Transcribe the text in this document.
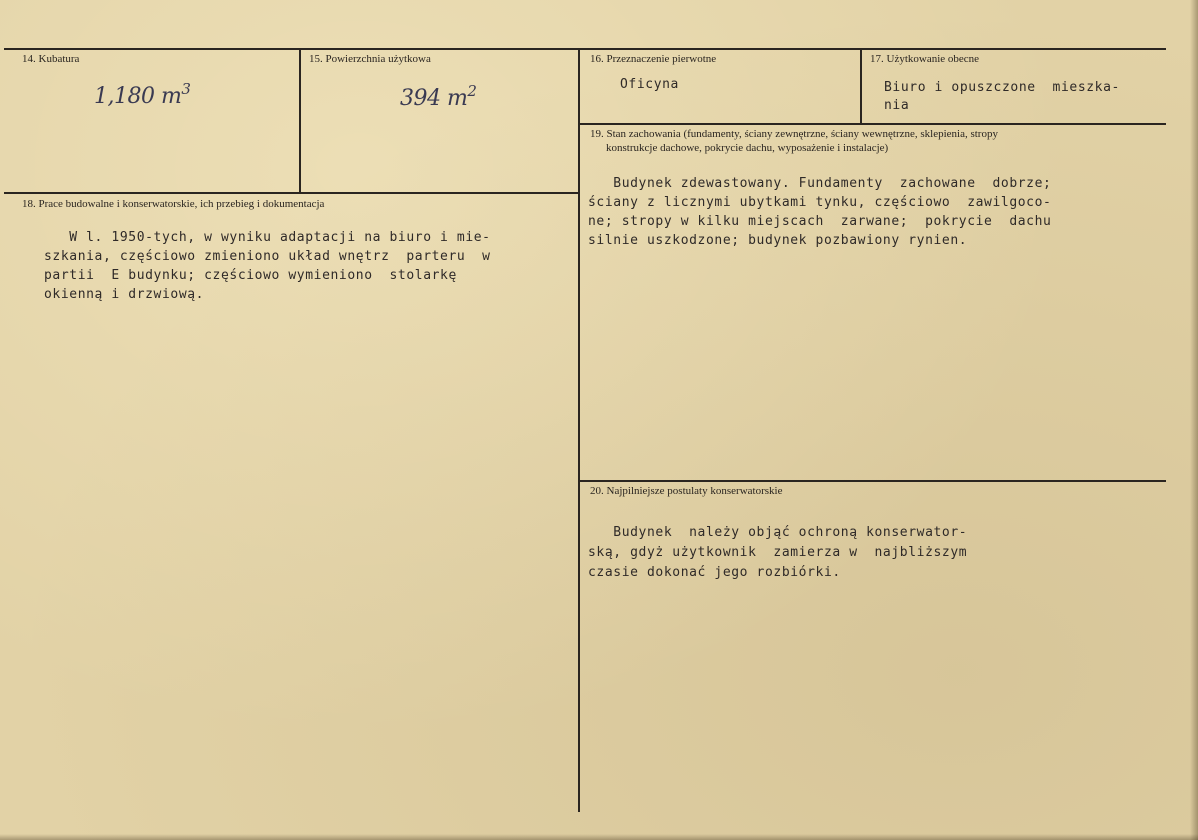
14. Kubatura
1,180 $m^3$
15. Powierzchnia użytkowa
394 $m^2$
16. Przeznaczenie pierwotne
Oficyna
17. Użytkowanie obecne
Biuro i opuszczone  mieszka-
nia
18. Prace budowalne i konserwatorskie, ich przebieg i dokumentacja
W l. 1950-tych, w wyniku adaptacji na biuro i mie-
szkania, częściowo zmieniono układ wnętrz  parteru  w
partii  E budynku; częściowo wymieniono  stolarkę
okienną i drzwiową.
19. Stan zachowania (fundamenty, ściany zewnętrzne, ściany wewnętrzne, sklepienia, stropy
konstrukcje dachowe, pokrycie dachu, wyposażenie i instalacje)
Budynek zdewastowany. Fundamenty  zachowane  dobrze;
ściany z licznymi ubytkami tynku, częściowo  zawilgoco-
ne; stropy w kilku miejscach  zarwane;  pokrycie  dachu
silnie uszkodzone; budynek pozbawiony rynien.
20. Najpilniejsze postulaty konserwatorskie
Budynek  należy objąć ochroną konserwator-
ską, gdyż użytkownik  zamierza w  najbliższym
czasie dokonać jego rozbiórki.
